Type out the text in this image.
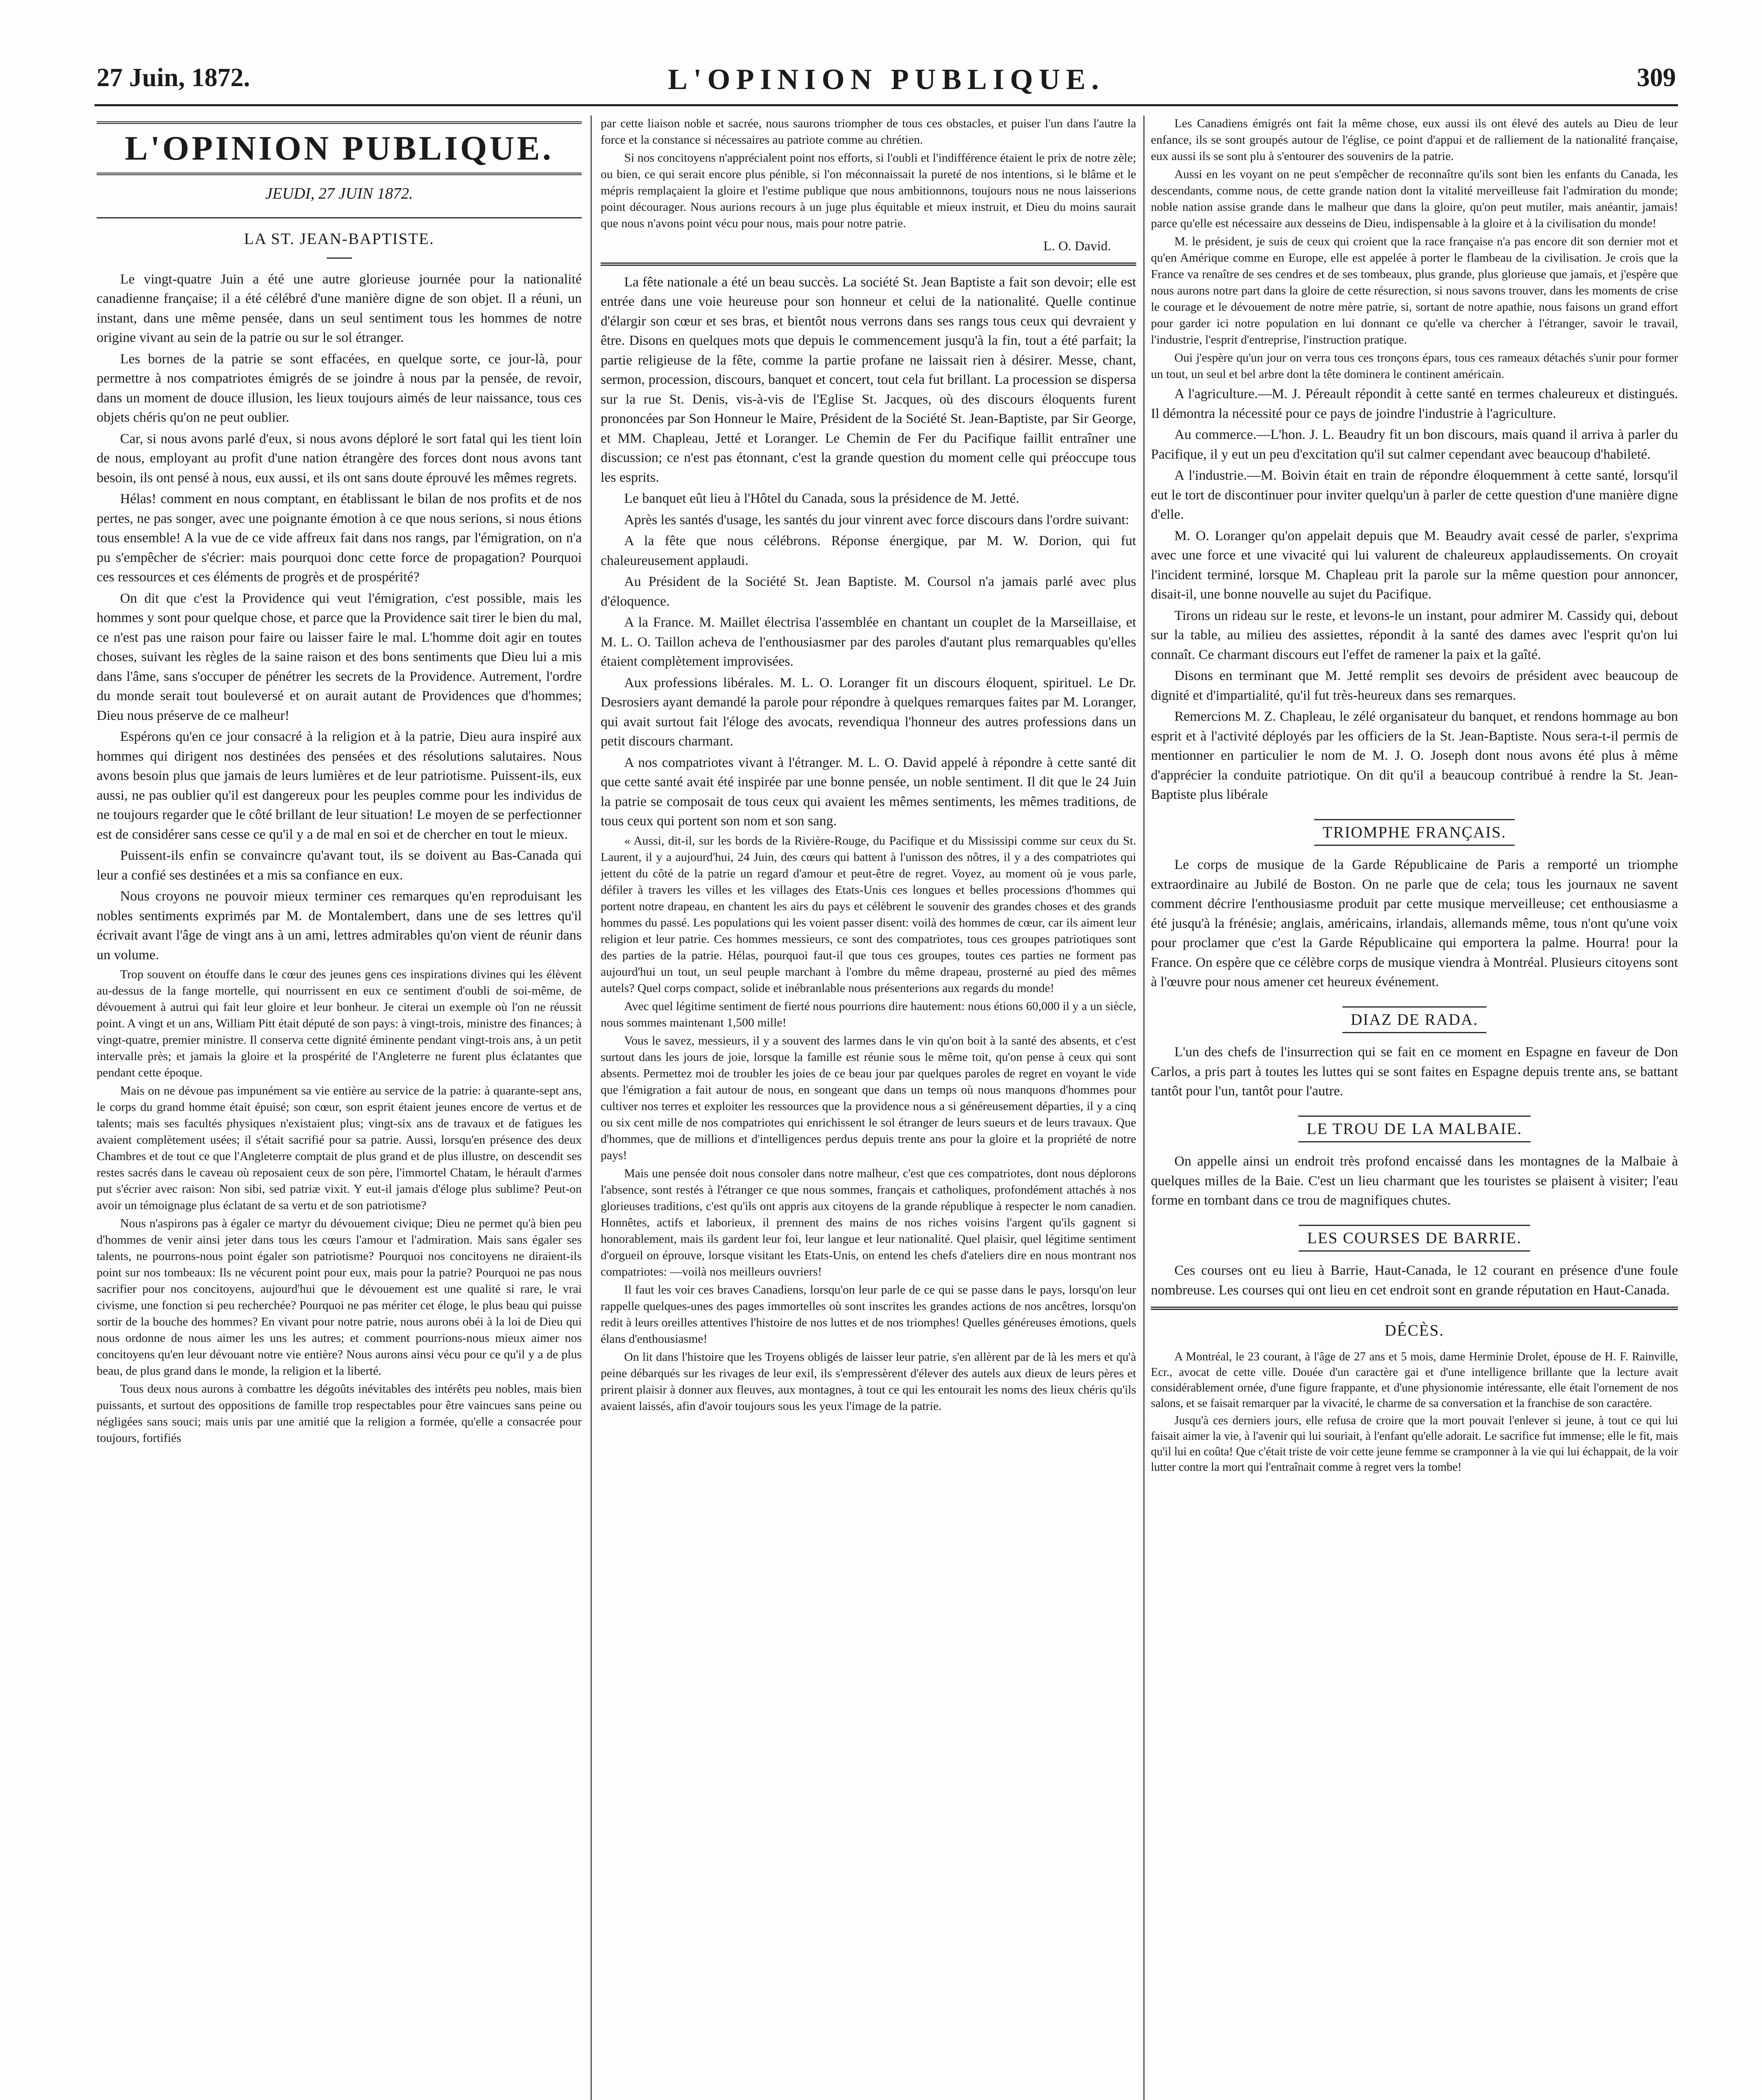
27 Juin, 1872.	L'OPINION PUBLIQUE.	309
L'OPINION PUBLIQUE.
JEUDI, 27 JUIN 1872.
LA ST. JEAN-BAPTISTE.

Le vingt-quatre Juin a été une autre glorieuse journée pour la nationalité canadienne française; il a été célébré d'une manière digne de son objet. Il a réuni, un instant, dans une même pensée, dans un seul sentiment tous les hommes de notre origine vivant au sein de la patrie ou sur le sol étranger.

Les bornes de la patrie se sont effacées, en quelque sorte, ce jour-là, pour permettre à nos compatriotes émigrés de se joindre à nous par la pensée, de revoir, dans un moment de douce illusion, les lieux toujours aimés de leur naissance, tous ces objets chéris qu'on ne peut oublier.

Car, si nous avons parlé d'eux, si nous avons déploré le sort fatal qui les tient loin de nous, employant au profit d'une nation étrangère des forces dont nous avons tant besoin, ils ont pensé à nous, eux aussi, et ils ont sans doute éprouvé les mêmes regrets.

Hélas! comment en nous comptant, en établissant le bilan de nos profits et de nos pertes, ne pas songer, avec une poignante émotion à ce que nous serions, si nous étions tous ensemble! A la vue de ce vide affreux fait dans nos rangs, par l'émigration, on n'a pu s'empêcher de s'écrier: mais pourquoi donc cette force de propagation? Pourquoi ces ressources et ces éléments de progrès et de prospérité?

On dit que c'est la Providence qui veut l'émigration, c'est possible, mais les hommes y sont pour quelque chose, et parce que la Providence sait tirer le bien du mal, ce n'est pas une raison pour faire ou laisser faire le mal. L'homme doit agir en toutes choses, suivant les règles de la saine raison et des bons sentiments que Dieu lui a mis dans l'âme, sans s'occuper de pénétrer les secrets de la Providence. Autrement, l'ordre du monde serait tout bouleversé et on aurait autant de Providences que d'hommes; Dieu nous préserve de ce malheur!

Espérons qu'en ce jour consacré à la religion et à la patrie, Dieu aura inspiré aux hommes qui dirigent nos destinées des pensées et des résolutions salutaires. Nous avons besoin plus que jamais de leurs lumières et de leur patriotisme. Puissent-ils, eux aussi, ne pas oublier qu'il est dangereux pour les peuples comme pour les individus de ne toujours regarder que le côté brillant de leur situation! Le moyen de se perfectionner est de considérer sans cesse ce qu'il y a de mal en soi et de chercher en tout le mieux.

Puissent-ils enfin se convaincre qu'avant tout, ils se doivent au Bas-Canada qui leur a confié ses destinées et a mis sa confiance en eux.

Nous croyons ne pouvoir mieux terminer ces remarques qu'en reproduisant les nobles sentiments exprimés par M. de Montalembert, dans une de ses lettres qu'il écrivait avant l'âge de vingt ans à un ami, lettres admirables qu'on vient de réunir dans un volume.

Trop souvent on étouffe dans le cœur des jeunes gens ces inspirations divines qui les élèvent au-dessus de la fange mortelle, qui nourrissent en eux ce sentiment d'oubli de soi-même, de dévouement à autrui qui fait leur gloire et leur bonheur. Je citerai un exemple où l'on ne réussit point. A vingt et un ans, William Pitt était député de son pays: à vingt-trois, ministre des finances; à vingt-quatre, premier ministre. Il conserva cette dignité éminente pendant vingt-trois ans, à un petit intervalle près; et jamais la gloire et la prospérité de l'Angleterre ne furent plus éclatantes que pendant cette époque.

Mais on ne dévoue pas impunément sa vie entière au service de la patrie: à quarante-sept ans, le corps du grand homme était épuisé; son cœur, son esprit étaient jeunes encore de vertus et de talents; mais ses facultés physiques n'existaient plus; vingt-six ans de travaux et de fatigues les avaient complètement usées; il s'était sacrifié pour sa patrie. Aussi, lorsqu'en présence des deux Chambres et de tout ce que l'Angleterre comptait de plus grand et de plus illustre, on descendit ses restes sacrés dans le caveau où reposaient ceux de son père, l'immortel Chatam, le hérault d'armes put s'écrier avec raison: Non sibi, sed patriæ vixit. Y eut-il jamais d'éloge plus sublime? Peut-on avoir un témoignage plus éclatant de sa vertu et de son patriotisme?

Nous n'aspirons pas à égaler ce martyr du dévouement civique; Dieu ne permet qu'à bien peu d'hommes de venir ainsi jeter dans tous les cœurs l'amour et l'admiration. Mais sans égaler ses talents, ne pourrons-nous point égaler son patriotisme? Pourquoi nos concitoyens ne diraient-ils point sur nos tombeaux: Ils ne vécurent point pour eux, mais pour la patrie? Pourquoi ne pas nous sacrifier pour nos concitoyens, aujourd'hui que le dévouement est une qualité si rare, le vrai civisme, une fonction si peu recherchée? Pourquoi ne pas mériter cet éloge, le plus beau qui puisse sortir de la bouche des hommes? En vivant pour notre patrie, nous aurons obéi à la loi de Dieu qui nous ordonne de nous aimer les uns les autres; et comment pourrions-nous mieux aimer nos concitoyens qu'en leur dévouant notre vie entière? Nous aurons ainsi vécu pour ce qu'il y a de plus beau, de plus grand dans le monde, la religion et la liberté.

Tous deux nous aurons à combattre les dégoûts inévitables des intérêts peu nobles, mais bien puissants, et surtout des oppositions de famille trop respectables pour être vaincues sans peine ou négligées sans souci; mais unis par une amitié que la religion a formée, qu'elle a consacrée pour toujours, fortifiés

par cette liaison noble et sacrée, nous saurons triompher de tous ces obstacles, et puiser l'un dans l'autre la force et la constance si nécessaires au patriote comme au chrétien.

Si nos concitoyens n'apprécialent point nos efforts, si l'oubli et l'indifférence étaient le prix de notre zèle; ou bien, ce qui serait encore plus pénible, si l'on méconnaissait la pureté de nos intentions, si le blâme et le mépris remplaçaient la gloire et l'estime publique que nous ambitionnons, toujours nous ne nous laisserions point décourager. Nous aurions recours à un juge plus équitable et mieux instruit, et Dieu du moins saurait que nous n'avons point vécu pour nous, mais pour notre patrie.

L. O. David.

La fête nationale a été un beau succès. La société St. Jean Baptiste a fait son devoir; elle est entrée dans une voie heureuse pour son honneur et celui de la nationalité. Quelle continue d'élargir son cœur et ses bras, et bientôt nous verrons dans ses rangs tous ceux qui devraient y être. Disons en quelques mots que depuis le commencement jusqu'à la fin, tout a été parfait; la partie religieuse de la fête, comme la partie profane ne laissait rien à désirer. Messe, chant, sermon, procession, discours, banquet et concert, tout cela fut brillant. La procession se dispersa sur la rue St. Denis, vis-à-vis de l'Eglise St. Jacques, où des discours éloquents furent prononcées par Son Honneur le Maire, Président de la Société St. Jean-Baptiste, par Sir George, et MM. Chapleau, Jetté et Loranger. Le Chemin de Fer du Pacifique faillit entraîner une discussion; ce n'est pas étonnant, c'est la grande question du moment celle qui préoccupe tous les esprits.

Le banquet eût lieu à l'Hôtel du Canada, sous la présidence de M. Jetté.

Après les santés d'usage, les santés du jour vinrent avec force discours dans l'ordre suivant:

A la fête que nous célébrons. Réponse énergique, par M. W. Dorion, qui fut chaleureusement applaudi.

Au Président de la Société St. Jean Baptiste. M. Coursol n'a jamais parlé avec plus d'éloquence.

A la France. M. Maillet électrisa l'assemblée en chantant un couplet de la Marseillaise, et M. L. O. Taillon acheva de l'enthousiasmer par des paroles d'autant plus remarquables qu'elles étaient complètement improvisées.

Aux professions libérales. M. L. O. Loranger fit un discours éloquent, spirituel. Le Dr. Desrosiers ayant demandé la parole pour répondre à quelques remarques faites par M. Loranger, qui avait surtout fait l'éloge des avocats, revendiqua l'honneur des autres professions dans un petit discours charmant.

A nos compatriotes vivant à l'étranger. M. L. O. David appelé à répondre à cette santé dit que cette santé avait été inspirée par une bonne pensée, un noble sentiment. Il dit que le 24 Juin la patrie se composait de tous ceux qui avaient les mêmes sentiments, les mêmes traditions, de tous ceux qui portent son nom et son sang.

« Aussi, dit-il, sur les bords de la Rivière-Rouge, du Pacifique et du Mississipi comme sur ceux du St. Laurent, il y a aujourd'hui, 24 Juin, des cœurs qui battent à l'unisson des nôtres, il y a des compatriotes qui jettent du côté de la patrie un regard d'amour et peut-être de regret. Voyez, au moment où je vous parle, défiler à travers les villes et les villages des Etats-Unis ces longues et belles processions d'hommes qui portent notre drapeau, en chantent les airs du pays et célèbrent le souvenir des grandes choses et des grands hommes du passé. Les populations qui les voient passer disent: voilà des hommes de cœur, car ils aiment leur religion et leur patrie. Ces hommes messieurs, ce sont des compatriotes, tous ces groupes patriotiques sont des parties de la patrie. Hélas, pourquoi faut-il que tous ces groupes, toutes ces parties ne forment pas aujourd'hui un tout, un seul peuple marchant à l'ombre du même drapeau, prosterné au pied des mêmes autels? Quel corps compact, solide et inébranlable nous présenterions aux regards du monde!

Avec quel légitime sentiment de fierté nous pourrions dire hautement: nous étions 60,000 il y a un siècle, nous sommes maintenant 1,500 mille!

Vous le savez, messieurs, il y a souvent des larmes dans le vin qu'on boit à la santé des absents, et c'est surtout dans les jours de joie, lorsque la famille est réunie sous le même toit, qu'on pense à ceux qui sont absents. Permettez moi de troubler les joies de ce beau jour par quelques paroles de regret en voyant le vide que l'émigration a fait autour de nous, en songeant que dans un temps où nous manquons d'hommes pour cultiver nos terres et exploiter les ressources que la providence nous a si généreusement départies, il y a cinq ou six cent mille de nos compatriotes qui enrichissent le sol étranger de leurs sueurs et de leurs travaux. Que d'hommes, que de millions et d'intelligences perdus depuis trente ans pour la gloire et la propriété de notre pays!

Mais une pensée doit nous consoler dans notre malheur, c'est que ces compatriotes, dont nous déplorons l'absence, sont restés à l'étranger ce que nous sommes, français et catholiques, profondément attachés à nos glorieuses traditions, c'est qu'ils ont appris aux citoyens de la grande république à respecter le nom canadien. Honnêtes, actifs et laborieux, il prennent des mains de nos riches voisins l'argent qu'ils gagnent si honorablement, mais ils gardent leur foi, leur langue et leur nationalité. Quel plaisir, quel légitime sentiment d'orgueil on éprouve, lorsque visitant les Etats-Unis, on entend les chefs d'ateliers dire en nous montrant nos compatriotes: —voilà nos meilleurs ouvriers!

Il faut les voir ces braves Canadiens, lorsqu'on leur parle de ce qui se passe dans le pays, lorsqu'on leur rappelle quelques-unes des pages immortelles où sont inscrites les grandes actions de nos ancêtres, lorsqu'on redit à leurs oreilles attentives l'histoire de nos luttes et de nos triomphes! Quelles généreuses émotions, quels élans d'enthousiasme!

On lit dans l'histoire que les Troyens obligés de laisser leur patrie, s'en allèrent par de là les mers et qu'à peine débarqués sur les rivages de leur exil, ils s'empressèrent d'élever des autels aux dieux de leurs pères et prirent plaisir à donner aux fleuves, aux montagnes, à tout ce qui les entourait les noms des lieux chéris qu'ils avaient laissés, afin d'avoir toujours sous les yeux l'image de la patrie.

Les Canadiens émigrés ont fait la même chose, eux aussi ils ont élevé des autels au Dieu de leur enfance, ils se sont groupés autour de l'église, ce point d'appui et de ralliement de la nationalité française, eux aussi ils se sont plu à s'entourer des souvenirs de la patrie.

Aussi en les voyant on ne peut s'empêcher de reconnaître qu'ils sont bien les enfants du Canada, les descendants, comme nous, de cette grande nation dont la vitalité merveilleuse fait l'admiration du monde; noble nation assise grande dans le malheur que dans la gloire, qu'on peut mutiler, mais anéantir, jamais! parce qu'elle est nécessaire aux desseins de Dieu, indispensable à la gloire et à la civilisation du monde!

M. le président, je suis de ceux qui croient que la race française n'a pas encore dit son dernier mot et qu'en Amérique comme en Europe, elle est appelée à porter le flambeau de la civilisation. Je crois que la France va renaître de ses cendres et de ses tombeaux, plus grande, plus glorieuse que jamais, et j'espère que nous aurons notre part dans la gloire de cette résurection, si nous savons trouver, dans les moments de crise le courage et le dévouement de notre mère patrie, si, sortant de notre apathie, nous faisons un grand effort pour garder ici notre population en lui donnant ce qu'elle va chercher à l'étranger, savoir le travail, l'industrie, l'esprit d'entreprise, l'instruction pratique.

Oui j'espère qu'un jour on verra tous ces tronçons épars, tous ces rameaux détachés s'unir pour former un tout, un seul et bel arbre dont la tête dominera le continent américain.

A l'agriculture.—M. J. Péreault répondit à cette santé en termes chaleureux et distingués. Il démontra la nécessité pour ce pays de joindre l'industrie à l'agriculture.

Au commerce.—L'hon. J. L. Beaudry fit un bon discours, mais quand il arriva à parler du Pacifique, il y eut un peu d'excitation qu'il sut calmer cependant avec beaucoup d'habileté.

A l'industrie.—M. Boivin était en train de répondre éloquemment à cette santé, lorsqu'il eut le tort de discontinuer pour inviter quelqu'un à parler de cette question d'une manière digne d'elle.

M. O. Loranger qu'on appelait depuis que M. Beaudry avait cessé de parler, s'exprima avec une force et une vivacité qui lui valurent de chaleureux applaudissements. On croyait l'incident terminé, lorsque M. Chapleau prit la parole sur la même question pour annoncer, disait-il, une bonne nouvelle au sujet du Pacifique.

Tirons un rideau sur le reste, et levons-le un instant, pour admirer M. Cassidy qui, debout sur la table, au milieu des assiettes, répondit à la santé des dames avec l'esprit qu'on lui connaît. Ce charmant discours eut l'effet de ramener la paix et la gaîté.

Disons en terminant que M. Jetté remplit ses devoirs de président avec beaucoup de dignité et d'impartialité, qu'il fut très-heureux dans ses remarques.

Remercions M. Z. Chapleau, le zélé organisateur du banquet, et rendons hommage au bon esprit et à l'activité déployés par les officiers de la St. Jean-Baptiste. Nous sera-t-il permis de mentionner en particulier le nom de M. J. O. Joseph dont nous avons été plus à même d'apprécier la conduite patriotique. On dit qu'il a beaucoup contribué à rendre la St. Jean-Baptiste plus libérale

TRIOMPHE FRANÇAIS.

Le corps de musique de la Garde Républicaine de Paris a remporté un triomphe extraordinaire au Jubilé de Boston. On ne parle que de cela; tous les journaux ne savent comment décrire l'enthousiasme produit par cette musique merveilleuse; cet enthousiasme a été jusqu'à la frénésie; anglais, américains, irlandais, allemands même, tous n'ont qu'une voix pour proclamer que c'est la Garde Républicaine qui emportera la palme. Hourra! pour la France. On espère que ce célèbre corps de musique viendra à Montréal. Plusieurs citoyens sont à l'œuvre pour nous amener cet heureux événement.

DIAZ DE RADA.

L'un des chefs de l'insurrection qui se fait en ce moment en Espagne en faveur de Don Carlos, a pris part à toutes les luttes qui se sont faites en Espagne depuis trente ans, se battant tantôt pour l'un, tantôt pour l'autre.

LE TROU DE LA MALBAIE.

On appelle ainsi un endroit très profond encaissé dans les montagnes de la Malbaie à quelques milles de la Baie. C'est un lieu charmant que les touristes se plaisent à visiter; l'eau forme en tombant dans ce trou de magnifiques chutes.

LES COURSES DE BARRIE.

Ces courses ont eu lieu à Barrie, Haut-Canada, le 12 courant en présence d'une foule nombreuse. Les courses qui ont lieu en cet endroit sont en grande réputation en Haut-Canada.

DÉCÈS.

A Montréal, le 23 courant, à l'âge de 27 ans et 5 mois, dame Herminie Drolet, épouse de H. F. Rainville, Ecr., avocat de cette ville. Douée d'un caractère gai et d'une intelligence brillante que la lecture avait considérablement ornée, d'une figure frappante, et d'une physionomie intéressante, elle était l'ornement de nos salons, et se faisait remarquer par la vivacité, le charme de sa conversation et la franchise de son caractère.

Jusqu'à ces derniers jours, elle refusa de croire que la mort pouvait l'enlever si jeune, à tout ce qui lui faisait aimer la vie, à l'avenir qui lui souriait, à l'enfant qu'elle adorait. Le sacrifice fut immense; elle le fit, mais qu'il lui en coûta! Que c'était triste de voir cette jeune femme se cramponner à la vie qui lui échappait, de la voir lutter contre la mort qui l'entraînait comme à regret vers la tombe!
